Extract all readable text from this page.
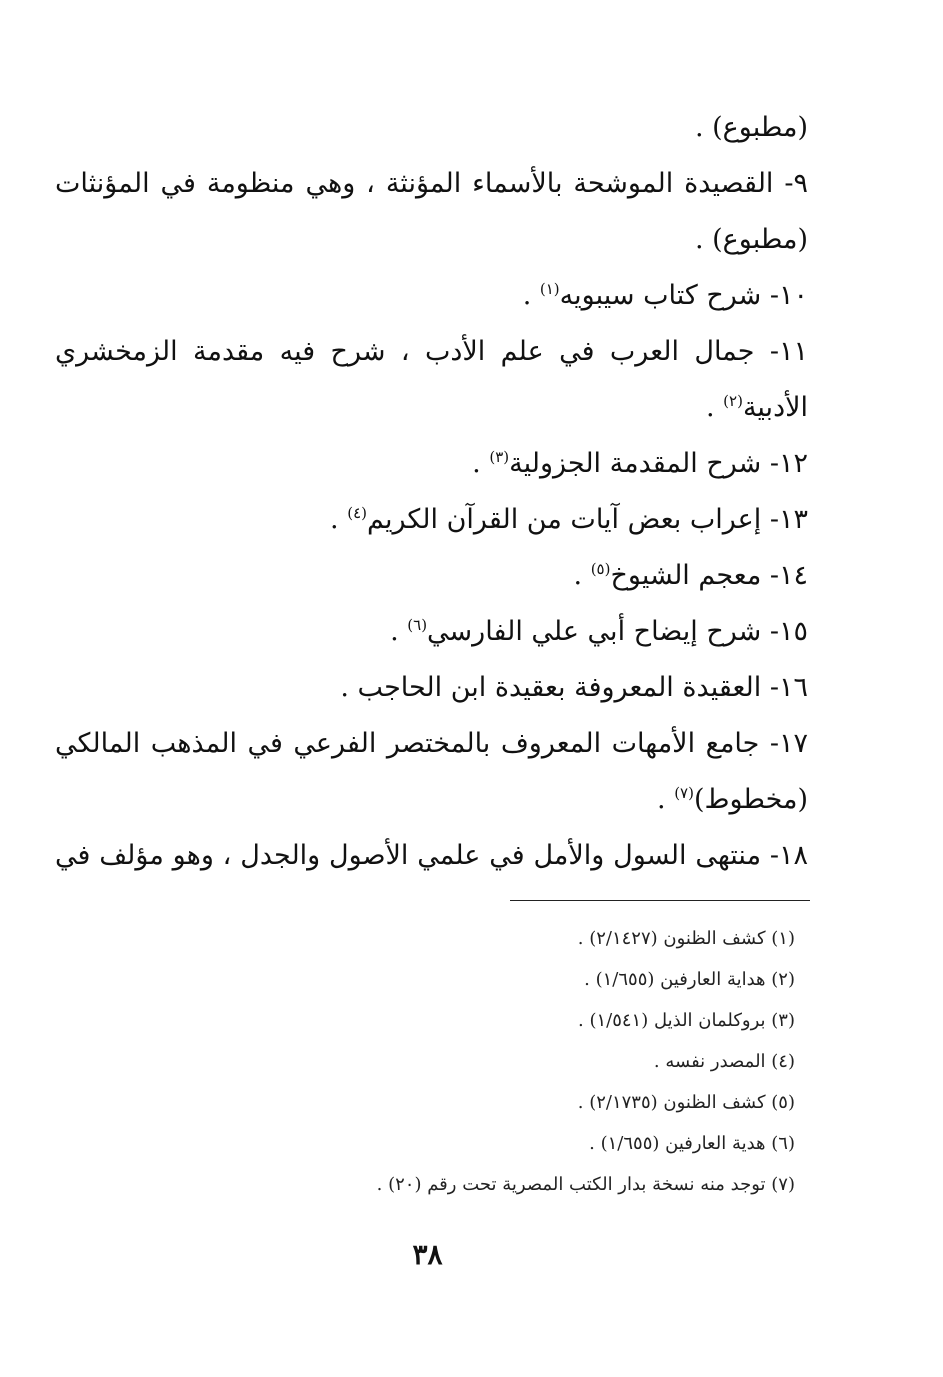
(مطبوع) .
٩- القصيدة الموشحة بالأسماء المؤنثة ، وهي منظومة في المؤنثات
(مطبوع) .
١٠- شرح كتاب سيبويه$^{(١)}$ .
١١- جمال العرب في علم الأدب ، شرح فيه مقدمة الزمخشري
الأدبية$^{(٢)}$ .
١٢- شرح المقدمة الجزولية$^{(٣)}$ .
١٣- إعراب بعض آيات من القرآن الكريم$^{(٤)}$ .
١٤- معجم الشيوخ$^{(٥)}$ .
١٥- شرح إيضاح أبي علي الفارسي$^{(٦)}$ .
١٦- العقيدة المعروفة بعقيدة ابن الحاجب .
١٧- جامع الأمهات المعروف بالمختصر الفرعي في المذهب المالكي
(مخطوط)$^{(٧)}$ .
١٨- منتهى السول والأمل في علمي الأصول والجدل ، وهو مؤلف في
(١) كشف الظنون (٢/١٤٢٧) .
(٢) هداية العارفين (١/٦٥٥) .
(٣) بروكلمان الذيل (١/٥٤١) .
(٤) المصدر نفسه .
(٥) كشف الظنون (٢/١٧٣٥) .
(٦) هدية العارفين (١/٦٥٥) .
(٧) توجد منه نسخة بدار الكتب المصرية تحت رقم (٢٠) .
٣٨
